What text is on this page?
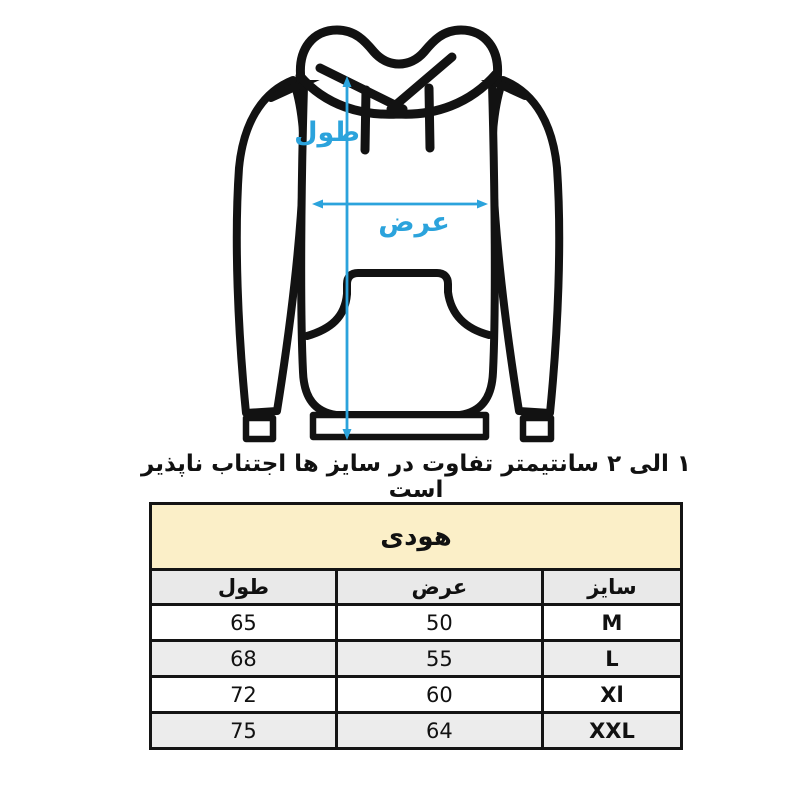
طول
عرض
۱ الی ۲ سانتیمتر تفاوت در سایز ها اجتناب ناپذیر است
هودی		
سایز	عرض	طول
M	50	65
L	55	68
Xl	60	72
XXL	64	75
